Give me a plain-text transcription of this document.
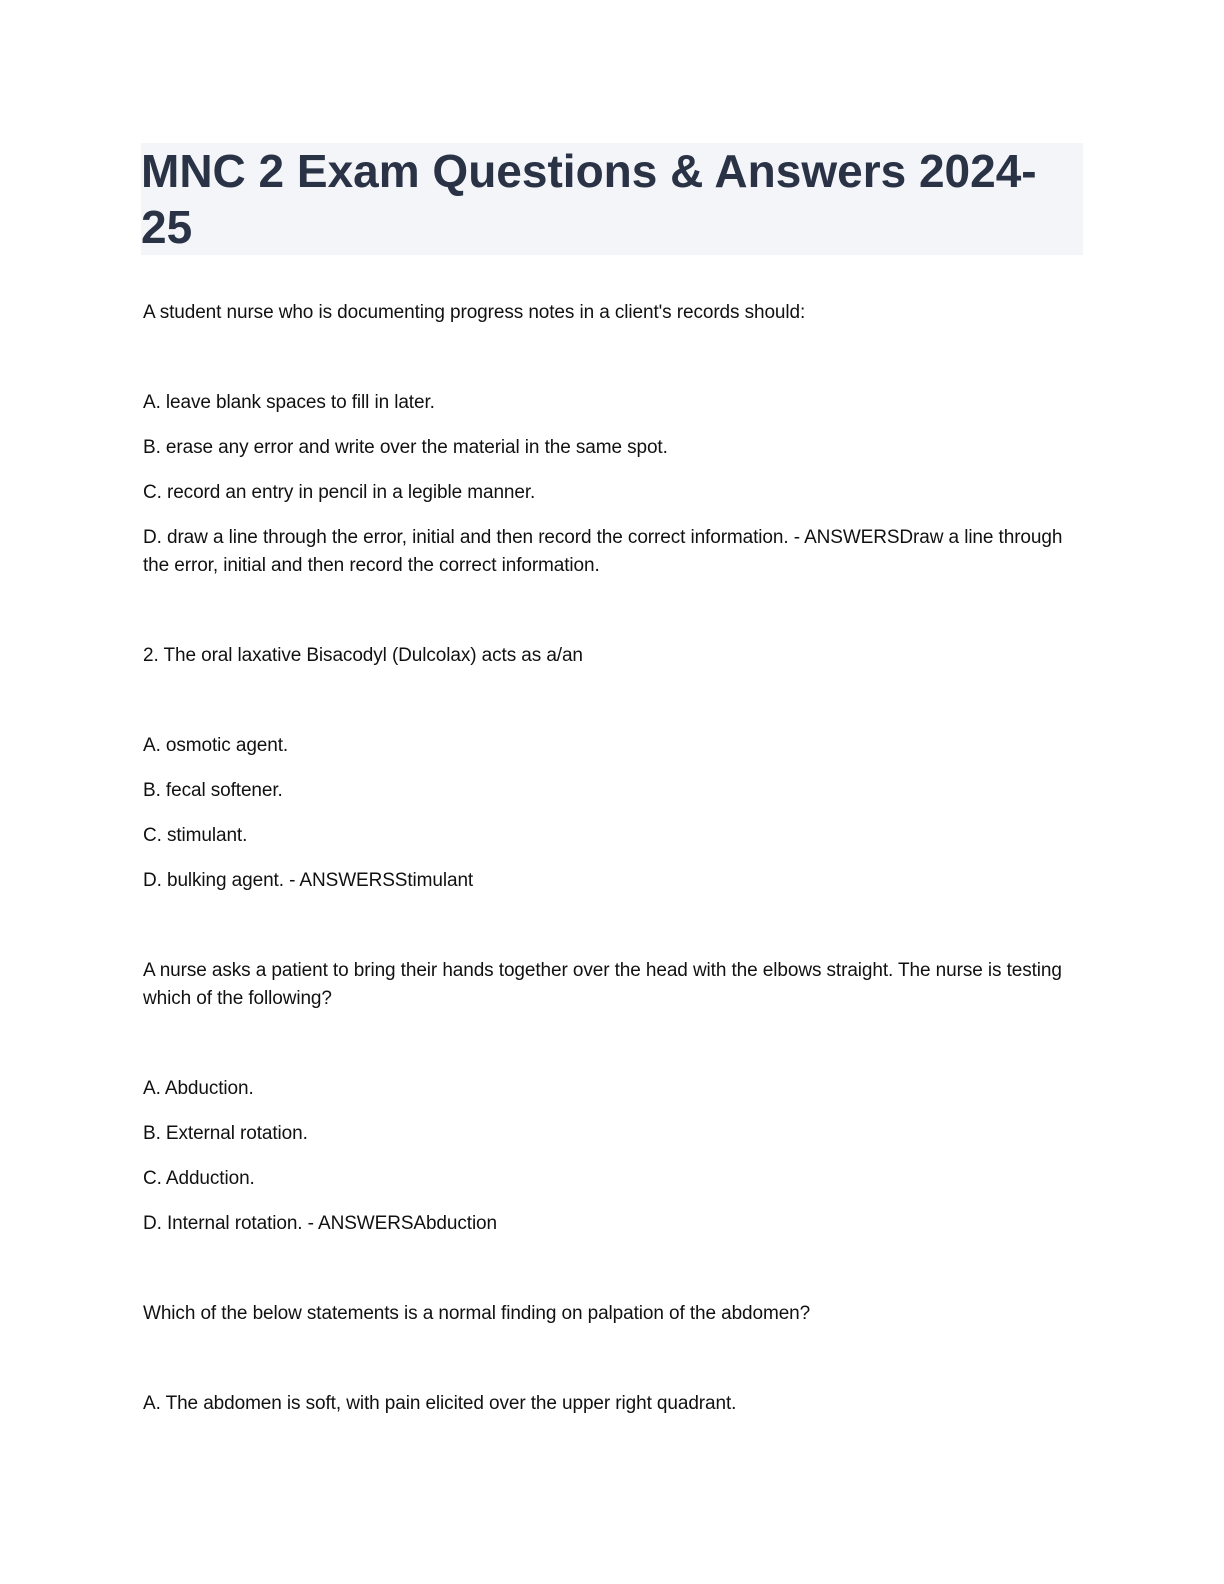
MNC 2 Exam Questions & Answers 2024-25

A student nurse who is documenting progress notes in a client's records should:

A. leave blank spaces to fill in later.

B. erase any error and write over the material in the same spot.

C. record an entry in pencil in a legible manner.

D. draw a line through the error, initial and then record the correct information. - ANSWERSDraw a line through the error, initial and then record the correct information.

2. The oral laxative Bisacodyl (Dulcolax) acts as a/an

A. osmotic agent.

B. fecal softener.

C. stimulant.

D. bulking agent. - ANSWERSStimulant

A nurse asks a patient to bring their hands together over the head with the elbows straight. The nurse is testing which of the following?

A. Abduction.

B. External rotation.

C. Adduction.

D. Internal rotation. - ANSWERSAbduction

Which of the below statements is a normal finding on palpation of the abdomen?

A. The abdomen is soft, with pain elicited over the upper right quadrant.
